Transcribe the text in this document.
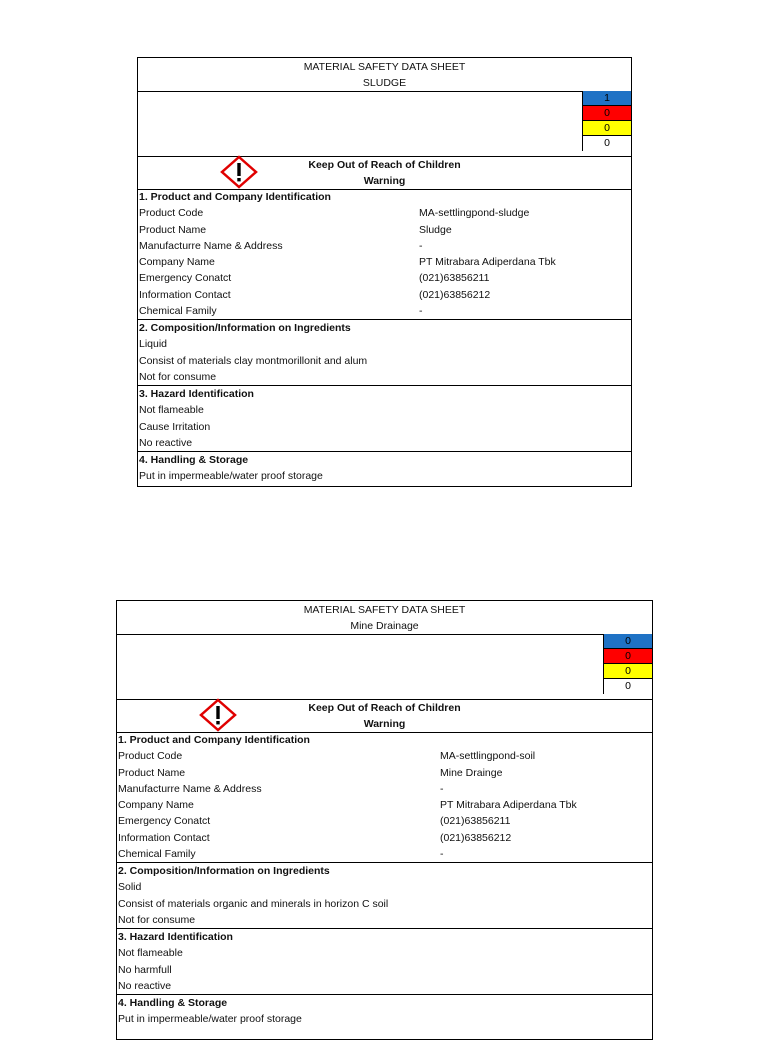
MATERIAL SAFETY DATA SHEET
SLUDGE
1
0
0
0
Keep Out of Reach of Children
Warning
1. Product and Company Identification
Product Code	MA-settlingpond-sludge
Product Name	Sludge
Manufacturre Name & Address	-
Company Name	PT Mitrabara Adiperdana Tbk
Emergency Conatct	(021)63856211
Information Contact	(021)63856212
Chemical Family	-
2. Composition/Information on Ingredients
Liquid
Consist of materials clay montmorillonit and alum
Not for consume
3. Hazard Identification
Not flameable
Cause Irritation
No reactive
4. Handling & Storage
Put in impermeable/water proof storage
MATERIAL SAFETY DATA SHEET
Mine Drainage
0
0
0
0
Keep Out of Reach of Children
Warning
1. Product and Company Identification
Product Code	MA-settlingpond-soil
Product Name	Mine Drainge
Manufacturre Name & Address	-
Company Name	PT Mitrabara Adiperdana Tbk
Emergency Conatct	(021)63856211
Information Contact	(021)63856212
Chemical Family	-
2. Composition/Information on Ingredients
Solid
Consist of materials organic and minerals in horizon C soil
Not for consume
3. Hazard Identification
Not flameable
No harmfull
No reactive
4. Handling & Storage
Put in impermeable/water proof storage
